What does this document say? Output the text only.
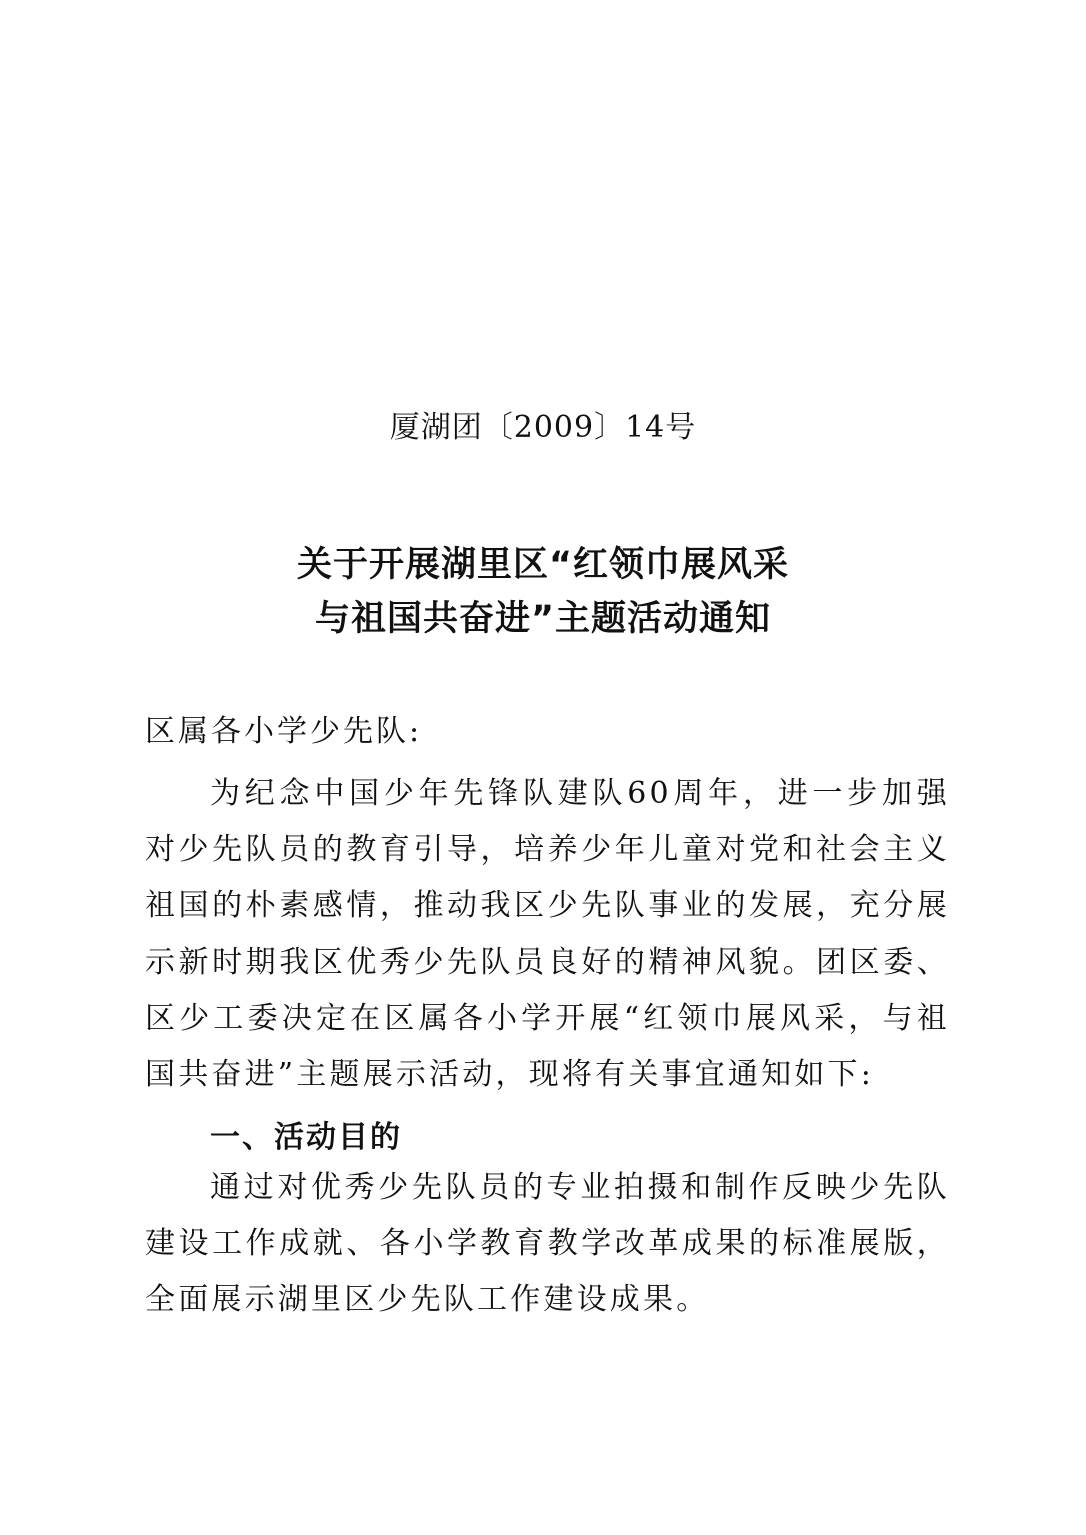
厦湖团〔2009〕14号
关于开展湖里区“红领巾展风采
与祖国共奋进”主题活动通知
区属各小学少先队:

为纪念中国少年先锋队建队60周年，进一步加强对少先队员的教育引导，培养少年儿童对党和社会主义祖国的朴素感情，推动我区少先队事业的发展，充分展示新时期我区优秀少先队员良好的精神风貌。团区委、区少工委决定在区属各小学开展“红领巾展风采，与祖国共奋进”主题展示活动，现将有关事宜通知如下:

一、活动目的

通过对优秀少先队员的专业拍摄和制作反映少先队建设工作成就、各小学教育教学改革成果的标准展版，全面展示湖里区少先队工作建设成果。
